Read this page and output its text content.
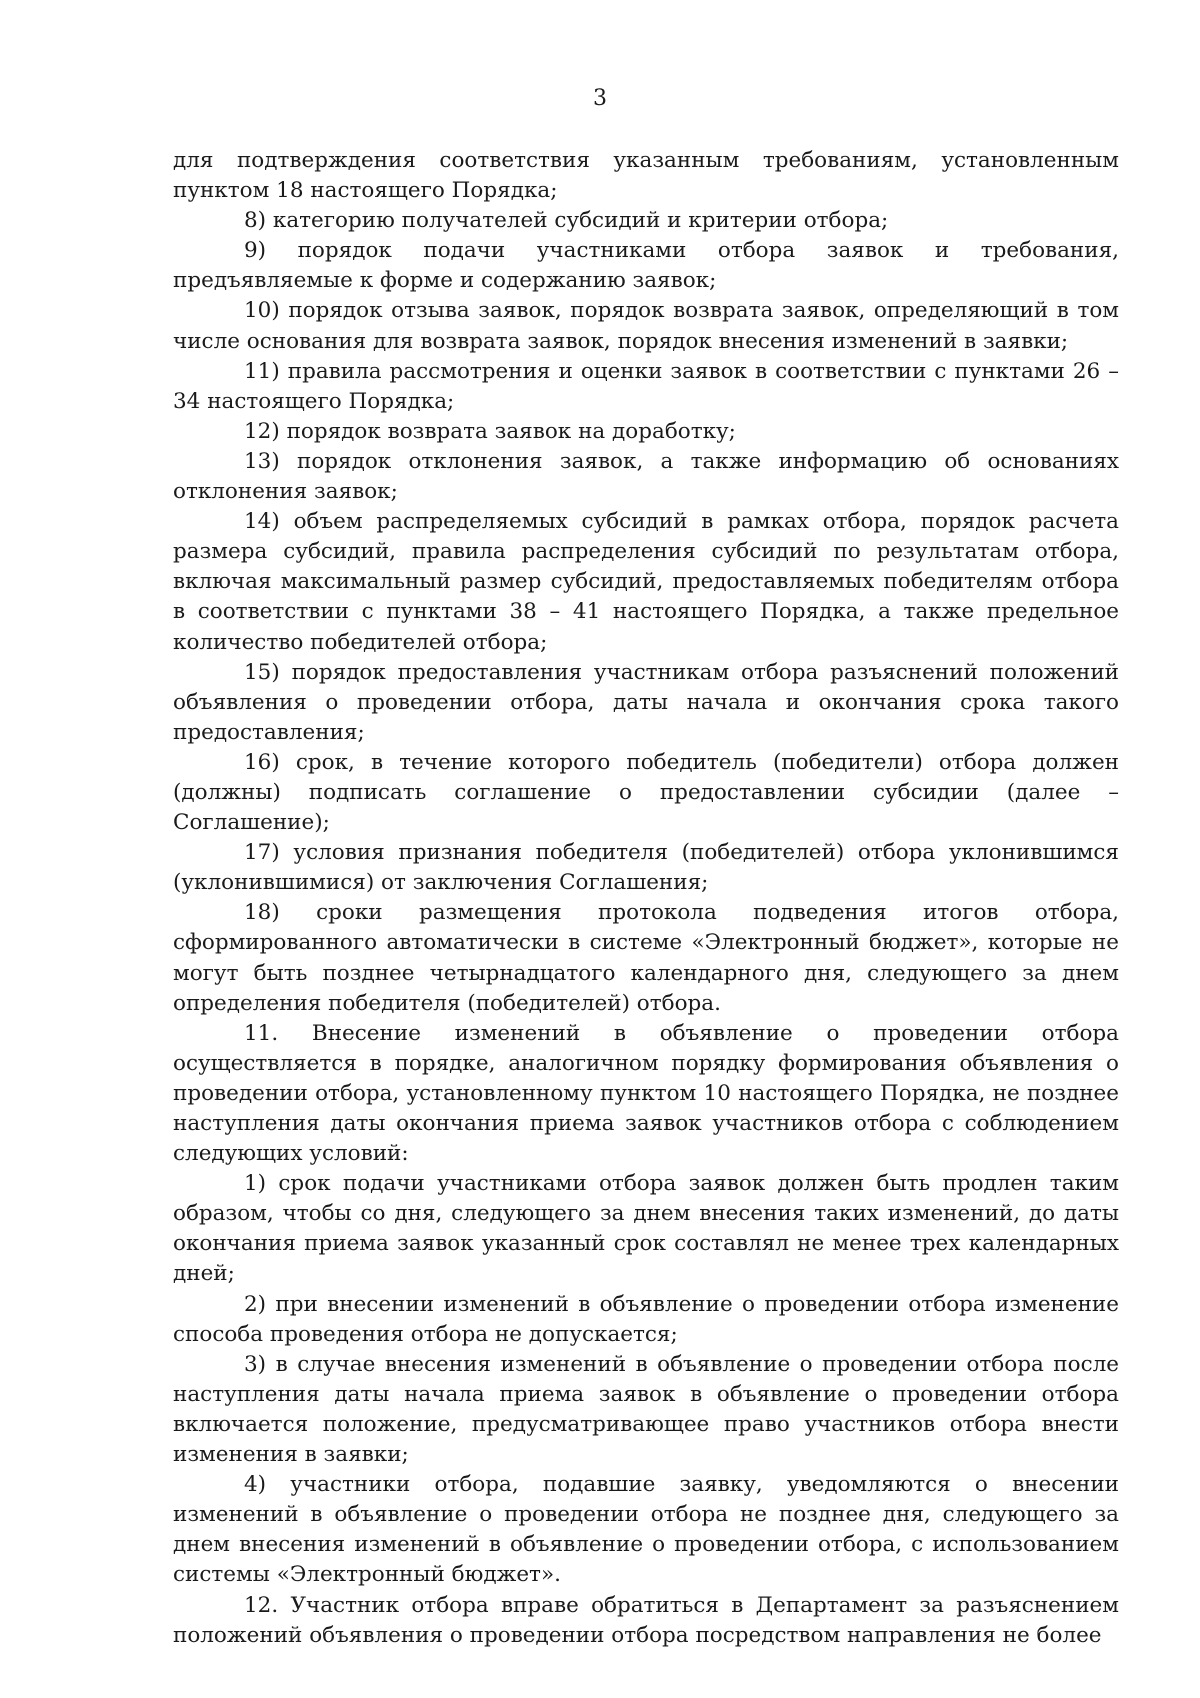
3

для подтверждения соответствия указанным требованиям, установленным пунктом 18 настоящего Порядка;

8) категорию получателей субсидий и критерии отбора;

9) порядок подачи участниками отбора заявок и требования, предъявляемые к форме и содержанию заявок;

10) порядок отзыва заявок, порядок возврата заявок, определяющий в том числе основания для возврата заявок, порядок внесения изменений в заявки;

11) правила рассмотрения и оценки заявок в соответствии с пунктами 26 – 34 настоящего Порядка;

12) порядок возврата заявок на доработку;

13) порядок отклонения заявок, а также информацию об основаниях отклонения заявок;

14) объем распределяемых субсидий в рамках отбора, порядок расчета размера субсидий, правила распределения субсидий по результатам отбора, включая максимальный размер субсидий, предоставляемых победителям отбора в соответствии с пунктами 38 – 41 настоящего Порядка, а также предельное количество победителей отбора;

15) порядок предоставления участникам отбора разъяснений положений объявления о проведении отбора, даты начала и окончания срока такого предоставления;

16) срок, в течение которого победитель (победители) отбора должен (должны) подписать соглашение о предоставлении субсидии (далее – Соглашение);

17) условия признания победителя (победителей) отбора уклонившимся (уклонившимися) от заключения Соглашения;

18) сроки размещения протокола подведения итогов отбора, сформированного автоматически в системе «Электронный бюджет», которые не могут быть позднее четырнадцатого календарного дня, следующего за днем определения победителя (победителей) отбора.

11. Внесение изменений в объявление о проведении отбора осуществляется в порядке, аналогичном порядку формирования объявления о проведении отбора, установленному пунктом 10 настоящего Порядка, не позднее наступления даты окончания приема заявок участников отбора с соблюдением следующих условий:

1) срок подачи участниками отбора заявок должен быть продлен таким образом, чтобы со дня, следующего за днем внесения таких изменений, до даты окончания приема заявок указанный срок составлял не менее трех календарных дней;

2) при внесении изменений в объявление о проведении отбора изменение способа проведения отбора не допускается;

3) в случае внесения изменений в объявление о проведении отбора после наступления даты начала приема заявок в объявление о проведении отбора включается положение, предусматривающее право участников отбора внести изменения в заявки;

4) участники отбора, подавшие заявку, уведомляются о внесении изменений в объявление о проведении отбора не позднее дня, следующего за днем внесения изменений в объявление о проведении отбора, с использованием системы «Электронный бюджет».

12. Участник отбора вправе обратиться в Департамент за разъяснением положений объявления о проведении отбора посредством направления не более
